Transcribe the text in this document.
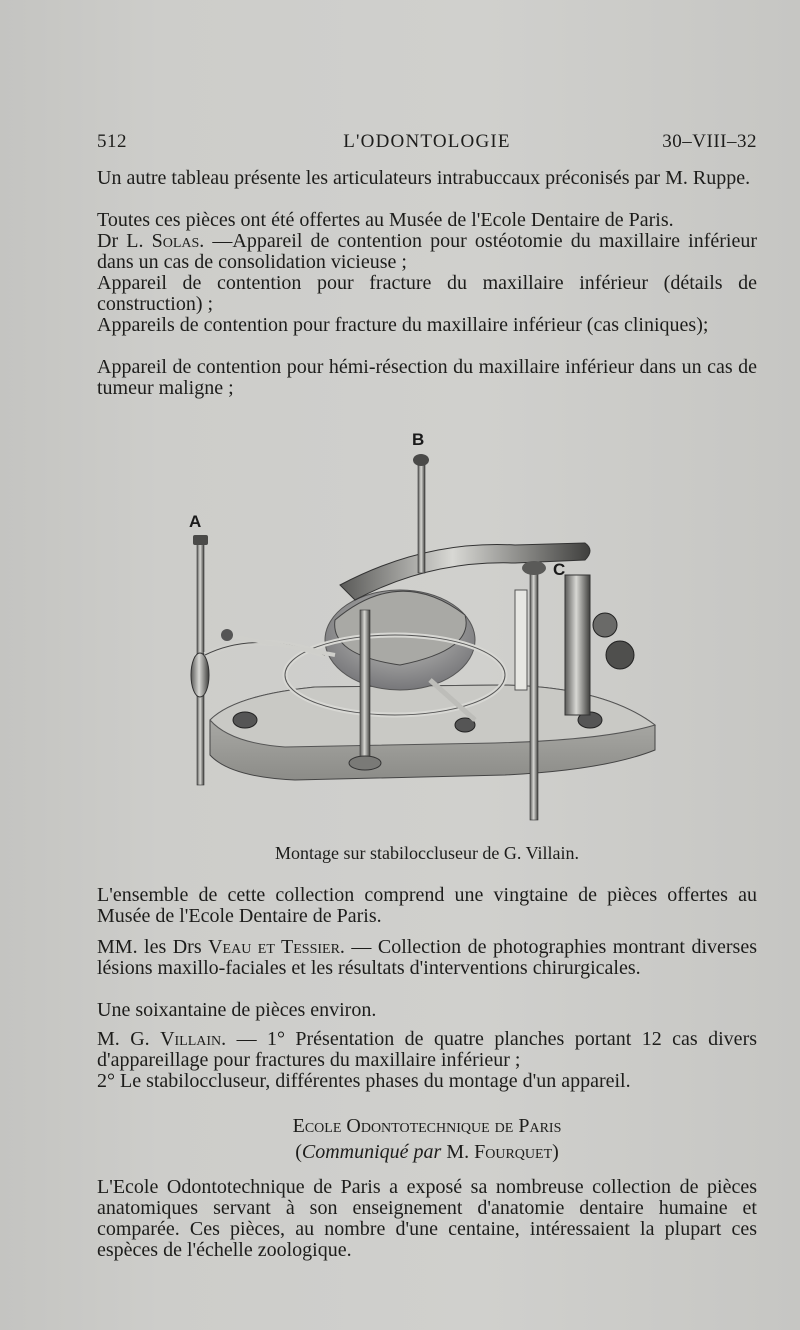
512	L'ODONTOLOGIE	30–VIII–32

Un autre tableau présente les articulateurs intrabuccaux préconisés par M. Ruppe.

Toutes ces pièces ont été offertes au Musée de l'Ecole Dentaire de Paris.

Dr L. Solas. —Appareil de contention pour ostéotomie du maxillaire inférieur dans un cas de consolidation vicieuse ;

Appareil de contention pour fracture du maxillaire inférieur (détails de construction) ;

Appareils de contention pour fracture du maxillaire inférieur (cas cliniques);

Appareil de contention pour hémi-résection du maxillaire inférieur dans un cas de tumeur maligne ;

B
A
C
Montage sur stabiloccluseur de G. Villain.

L'ensemble de cette collection comprend une vingtaine de pièces offertes au Musée de l'Ecole Dentaire de Paris.

MM. les Drs Veau et Tessier. — Collection de photographies montrant diverses lésions maxillo-faciales et les résultats d'interventions chirurgicales.

Une soixantaine de pièces environ.

M. G. Villain. — 1° Présentation de quatre planches portant 12 cas divers d'appareillage pour fractures du maxillaire inférieur ;

2° Le stabiloccluseur, différentes phases du montage d'un appareil.

Ecole Odontotechnique de Paris
(Communiqué par M. Fourquet)

L'Ecole Odontotechnique de Paris a exposé sa nombreuse collection de pièces anatomiques servant à son enseignement d'anatomie dentaire humaine et comparée. Ces pièces, au nombre d'une centaine, intéressaient la plupart ces espèces de l'échelle zoologique.
